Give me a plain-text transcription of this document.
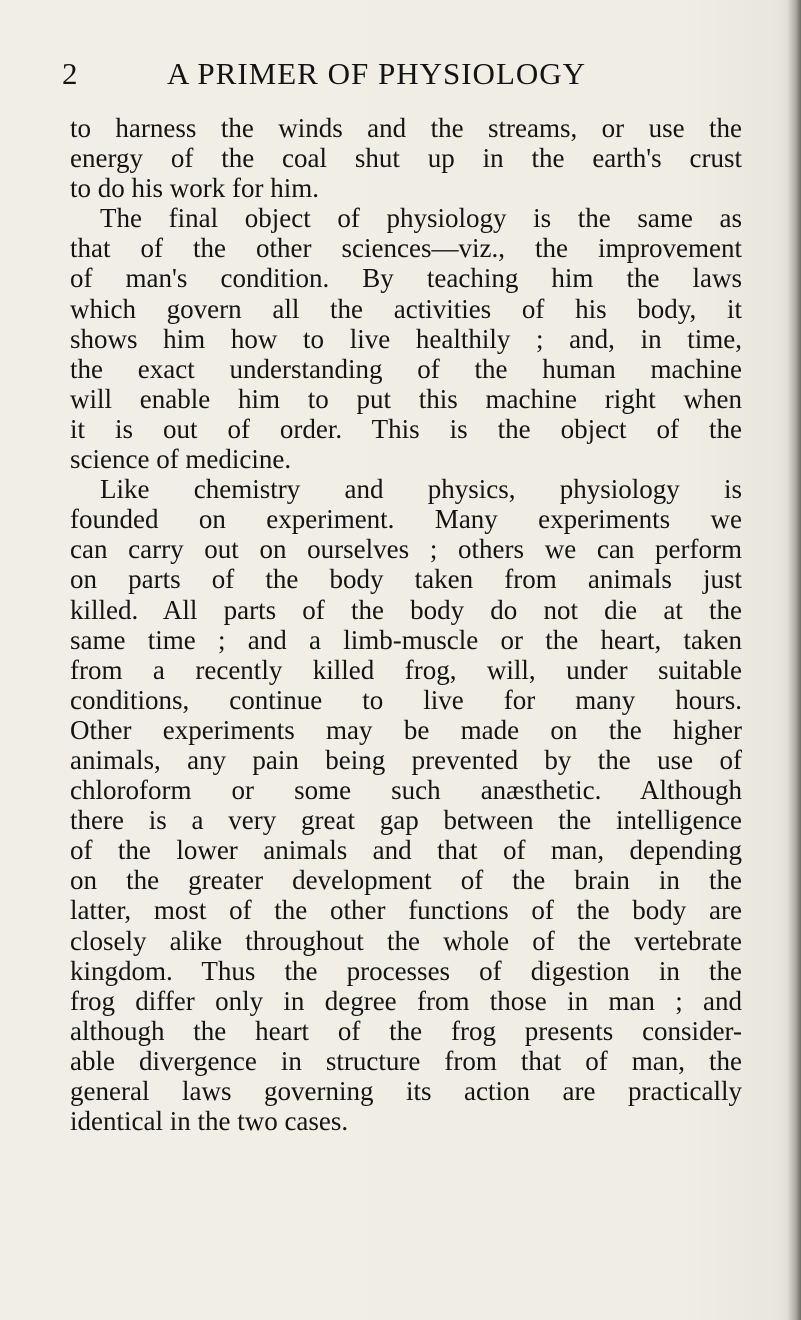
2	A PRIMER OF PHYSIOLOGY
to harness the winds and the streams, or use the
energy of the coal shut up in the earth's crust
to do his work for him.
The final object of physiology is the same as
that of the other sciences—viz., the improvement
of man's condition. By teaching him the laws
which govern all the activities of his body, it
shows him how to live healthily ; and, in time,
the exact understanding of the human machine
will enable him to put this machine right when
it is out of order. This is the object of the
science of medicine.
Like chemistry and physics, physiology is
founded on experiment. Many experiments we
can carry out on ourselves ; others we can perform
on parts of the body taken from animals just
killed. All parts of the body do not die at the
same time ; and a limb-muscle or the heart, taken
from a recently killed frog, will, under suitable
conditions, continue to live for many hours.
Other experiments may be made on the higher
animals, any pain being prevented by the use of
chloroform or some such anæsthetic. Although
there is a very great gap between the intelligence
of the lower animals and that of man, depending
on the greater development of the brain in the
latter, most of the other functions of the body are
closely alike throughout the whole of the vertebrate
kingdom. Thus the processes of digestion in the
frog differ only in degree from those in man ; and
although the heart of the frog presents consider-
able divergence in structure from that of man, the
general laws governing its action are practically
identical in the two cases.
